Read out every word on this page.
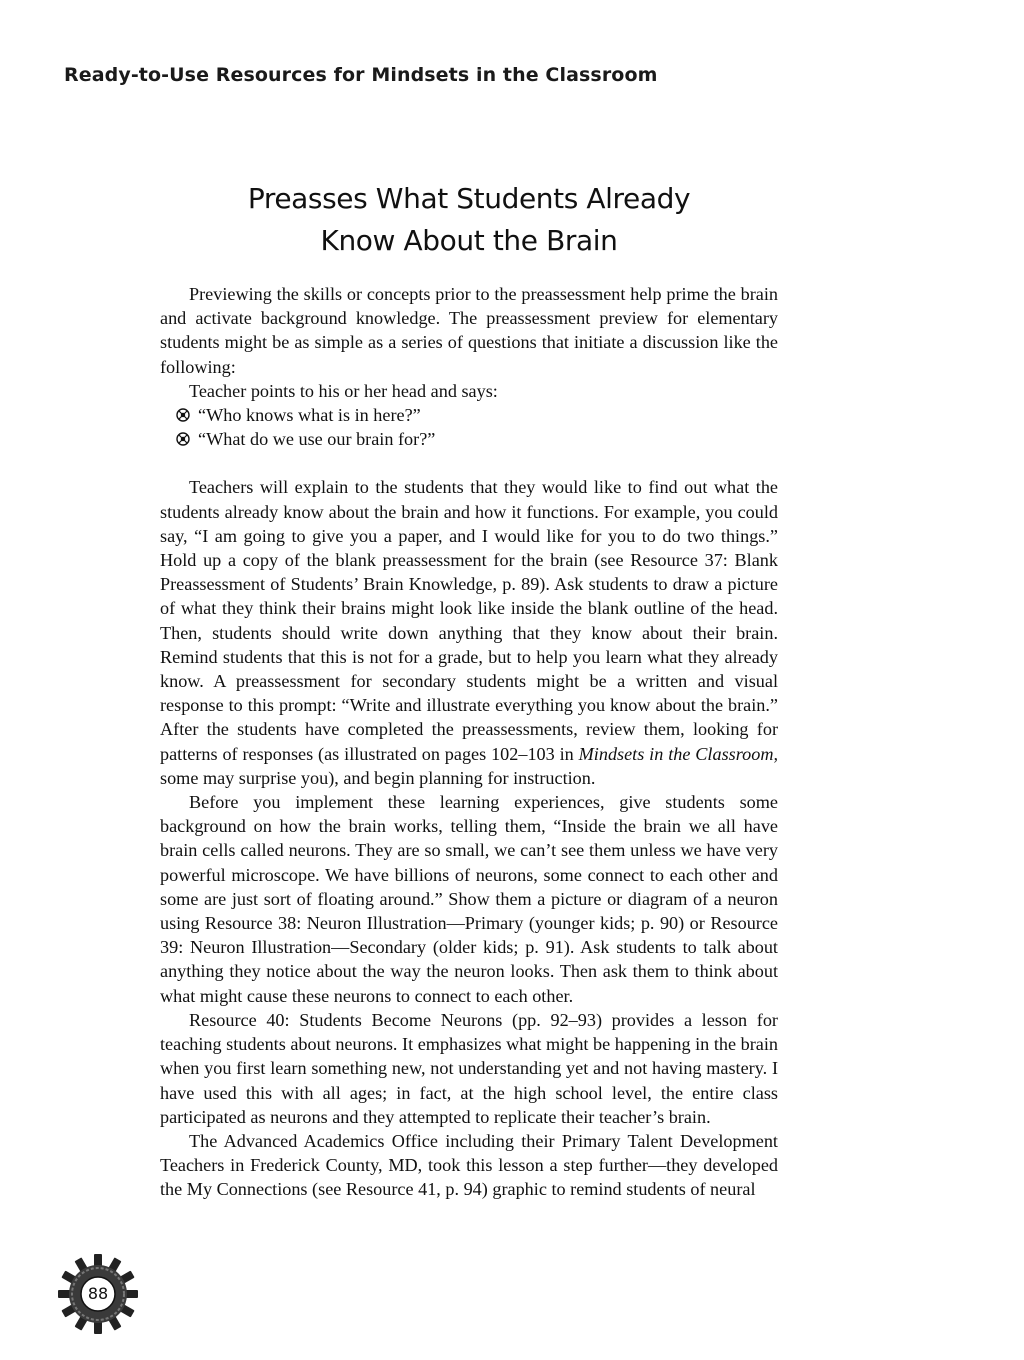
Ready-to-Use Resources for Mindsets in the Classroom
Preasses What Students Already
Know About the Brain

Previewing the skills or concepts prior to the preassessment help prime the brain and activate background knowledge. The preassessment preview for elementary students might be as simple as a series of questions that initiate a discussion like the following:

Teacher points to his or her head and says:

“Who knows what is in here?”
“What do we use our brain for?”

Teachers will explain to the students that they would like to find out what the students already know about the brain and how it functions. For example, you could say, “I am going to give you a paper, and I would like for you to do two things.” Hold up a copy of the blank preassessment for the brain (see Resource 37: Blank Preassessment of Students’ Brain Knowledge, p. 89). Ask students to draw a picture of what they think their brains might look like inside the blank outline of the head. Then, students should write down anything that they know about their brain. Remind students that this is not for a grade, but to help you learn what they already know. A preassessment for secondary students might be a written and visual response to this prompt: “Write and illustrate everything you know about the brain.” After the students have completed the preassessments, review them, looking for patterns of responses (as illustrated on pages 102–103 in Mindsets in the Classroom, some may surprise you), and begin planning for instruction.

Before you implement these learning experiences, give students some background on how the brain works, telling them, “Inside the brain we all have brain cells called neurons. They are so small, we can’t see them unless we have very powerful microscope. We have billions of neurons, some connect to each other and some are just sort of floating around.” Show them a picture or diagram of a neuron using Resource 38: Neuron Illustration—Primary (younger kids; p. 90) or Resource 39: Neuron Illustration—Secondary (older kids; p. 91). Ask students to talk about anything they notice about the way the neuron looks. Then ask them to think about what might cause these neurons to connect to each other.

Resource 40: Students Become Neurons (pp. 92–93) provides a lesson for teaching students about neurons. It emphasizes what might be happening in the brain when you first learn something new, not understanding yet and not having mastery. I have used this with all ages; in fact, at the high school level, the entire class participated as neurons and they attempted to replicate their teacher’s brain.

The Advanced Academics Office including their Primary Talent Development Teachers in Frederick County, MD, took this lesson a step further—they developed the My Connections (see Resource 41, p. 94) graphic to remind students of neural

88
